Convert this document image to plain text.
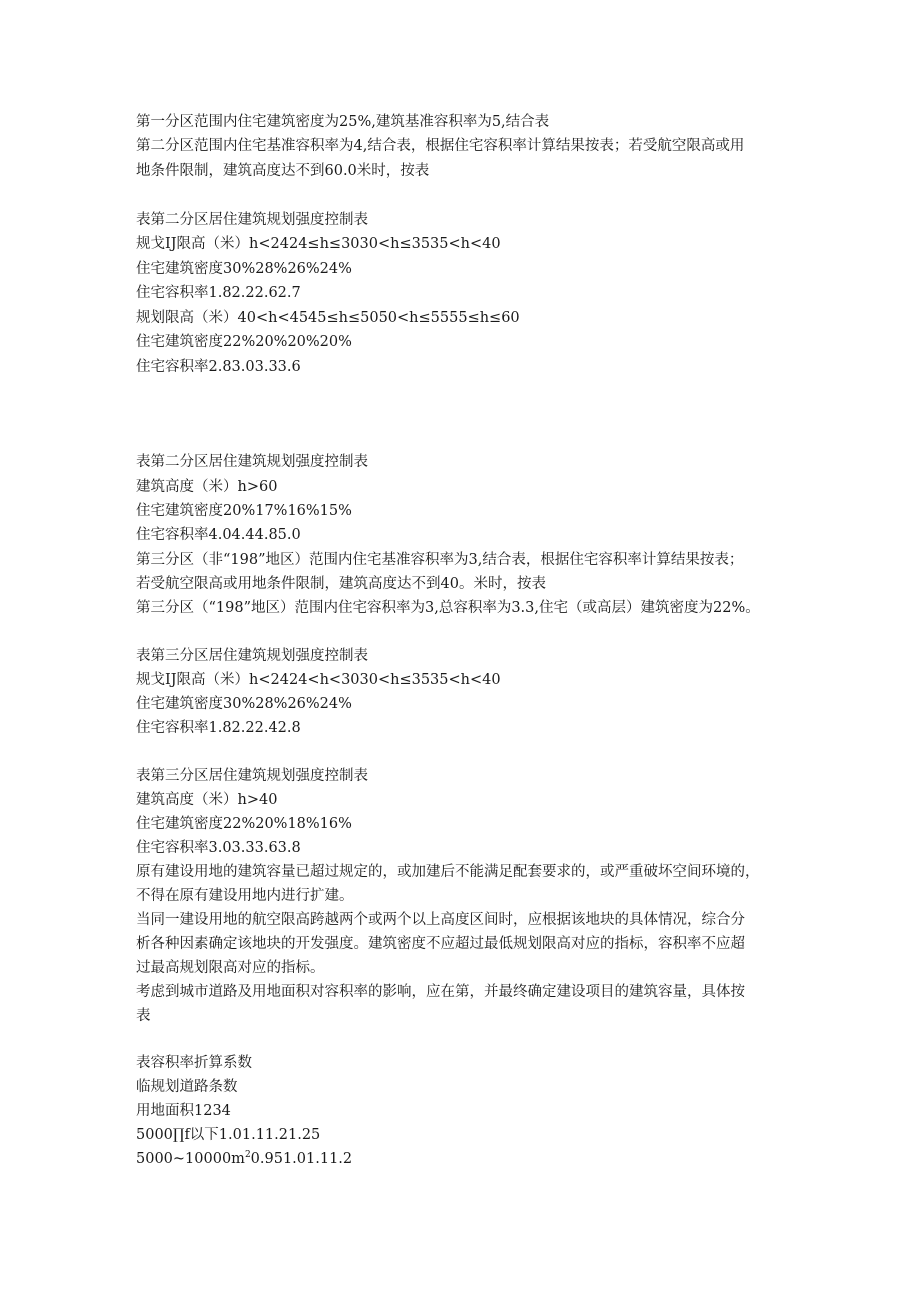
第一分区范围内住宅建筑密度为25%,建筑基准容积率为5,结合表
第二分区范围内住宅基准容积率为4,结合表，根据住宅容积率计算结果按表；若受航空限高或用
地条件限制，建筑高度达不到60.0米时，按表
表第二分区居住建筑规划强度控制表
规戈IJ限高（米）h<2424≤h≤3030<h≤3535<h<40
住宅建筑密度30%28%26%24%
住宅容积率1.82.22.62.7
规划限高（米）40<h<4545≤h≤5050<h≤5555≤h≤60
住宅建筑密度22%20%20%20%
住宅容积率2.83.03.33.6
表第二分区居住建筑规划强度控制表
建筑高度（米）h>60
住宅建筑密度20%17%16%15%
住宅容积率4.04.44.85.0
第三分区（非“198”地区）范围内住宅基准容积率为3,结合表，根据住宅容积率计算结果按表；
若受航空限高或用地条件限制，建筑高度达不到40。米时，按表
第三分区（“198”地区）范围内住宅容积率为3,总容积率为3.3,住宅（或高层）建筑密度为22%。
表第三分区居住建筑规划强度控制表
规戈IJ限高（米）h<2424<h<3030<h≤3535<h<40
住宅建筑密度30%28%26%24%
住宅容积率1.82.22.42.8
表第三分区居住建筑规划强度控制表
建筑高度（米）h>40
住宅建筑密度22%20%18%16%
住宅容积率3.03.33.63.8
原有建设用地的建筑容量已超过规定的，或加建后不能满足配套要求的，或严重破坏空间环境的，
不得在原有建设用地内进行扩建。
当同一建设用地的航空限高跨越两个或两个以上高度区间时，应根据该地块的具体情况，综合分
析各种因素确定该地块的开发强度。建筑密度不应超过最低规划限高对应的指标，容积率不应超
过最高规划限高对应的指标。
考虑到城市道路及用地面积对容积率的影响，应在第，并最终确定建设项目的建筑容量，具体按
表
表容积率折算系数
临规划道路条数
用地面积1234
5000∏f以下1.01.11.21.25
$5000\sim 10000m^20.951.01.11.2$
